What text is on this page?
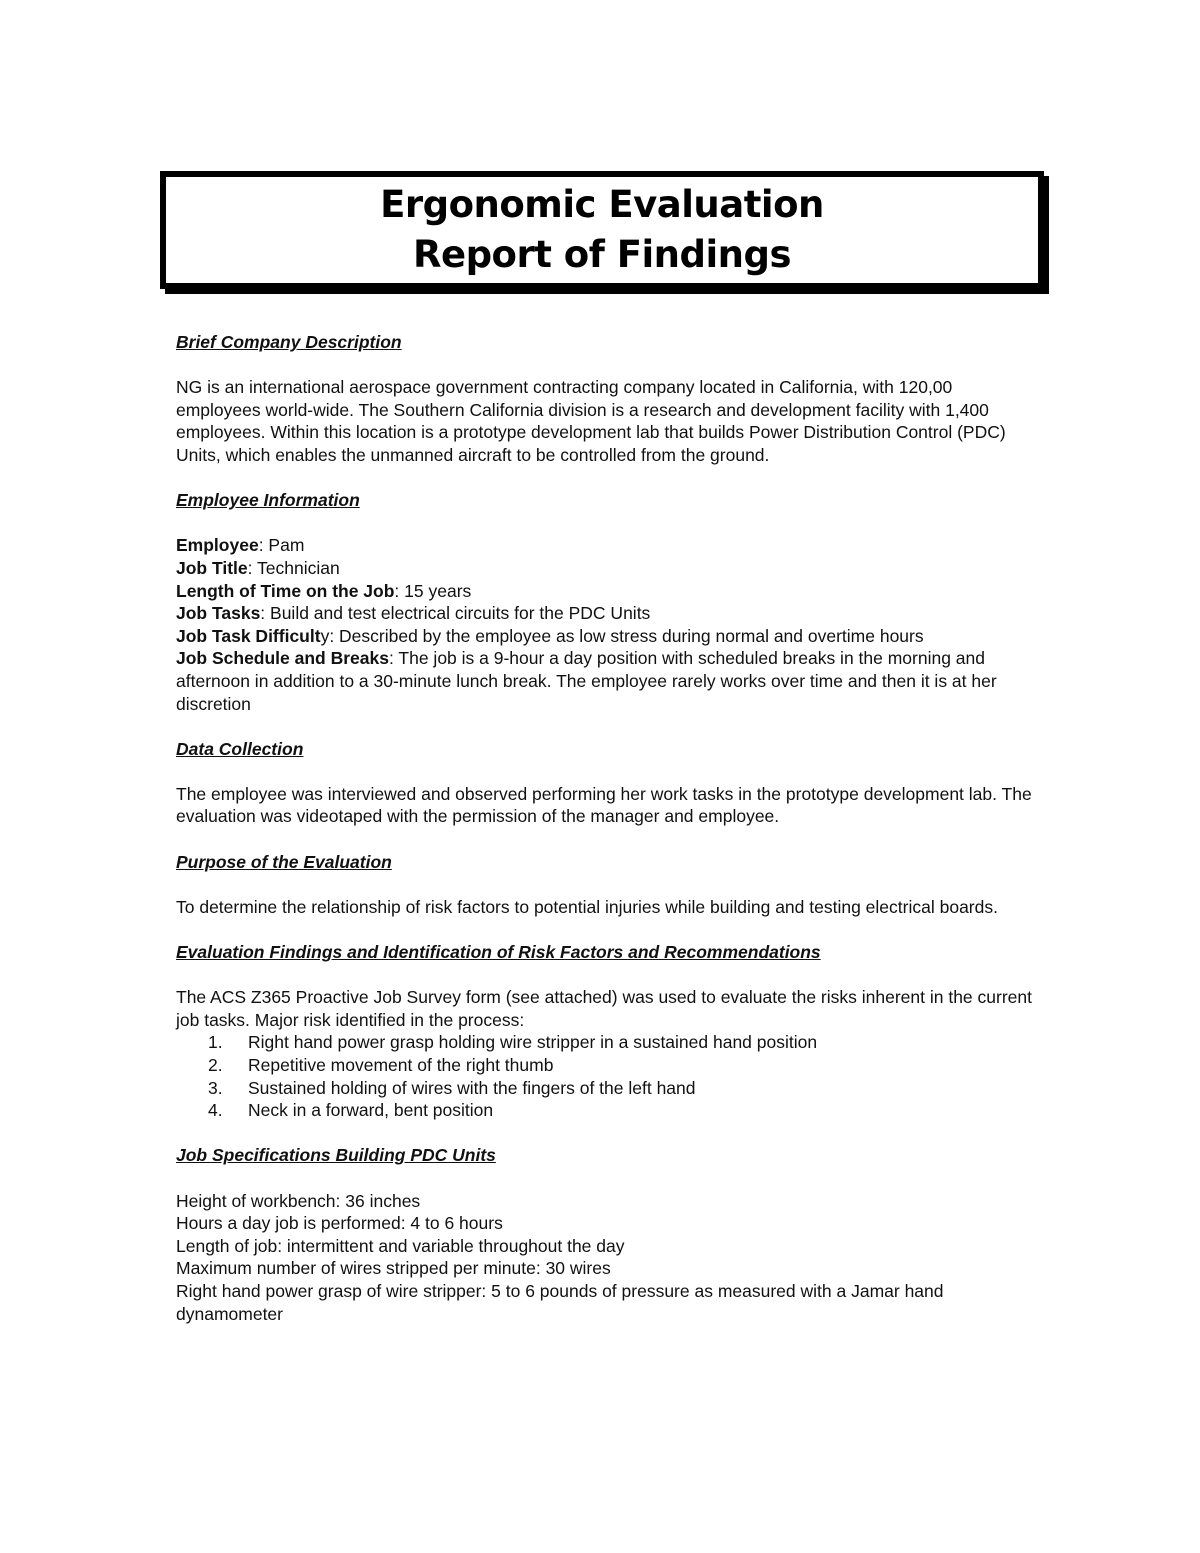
Ergonomic Evaluation
Report of Findings

Brief Company Description

NG is an international aerospace government contracting company located in California, with 120,00 employees world-wide. The Southern California division is a research and development facility with 1,400 employees. Within this location is a prototype development lab that builds Power Distribution Control (PDC) Units, which enables the unmanned aircraft to be controlled from the ground.

Employee Information

Employee: Pam
Job Title: Technician
Length of Time on the Job: 15 years
Job Tasks: Build and test electrical circuits for the PDC Units
Job Task Difficulty: Described by the employee as low stress during normal and overtime hours
Job Schedule and Breaks: The job is a 9-hour a day position with scheduled breaks in the morning and afternoon in addition to a 30-minute lunch break. The employee rarely works over time and then it is at her discretion

Data Collection

The employee was interviewed and observed performing her work tasks in the prototype development lab. The evaluation was videotaped with the permission of the manager and employee.

Purpose of the Evaluation

To determine the relationship of risk factors to potential injuries while building and testing electrical boards.

Evaluation Findings and Identification of Risk Factors and Recommendations

The ACS Z365 Proactive Job Survey form (see attached) was used to evaluate the risks inherent in the current job tasks. Major risk identified in the process:

1.	Right hand power grasp holding wire stripper in a sustained hand position
2.	Repetitive movement of the right thumb
3.	Sustained holding of wires with the fingers of the left hand
4.	Neck in a forward, bent position

Job Specifications Building PDC Units

Height of workbench: 36 inches
Hours a day job is performed: 4 to 6 hours
Length of job: intermittent and variable throughout the day
Maximum number of wires stripped per minute: 30 wires
Right hand power grasp of wire stripper: 5 to 6 pounds of pressure as measured with a Jamar hand dynamometer
